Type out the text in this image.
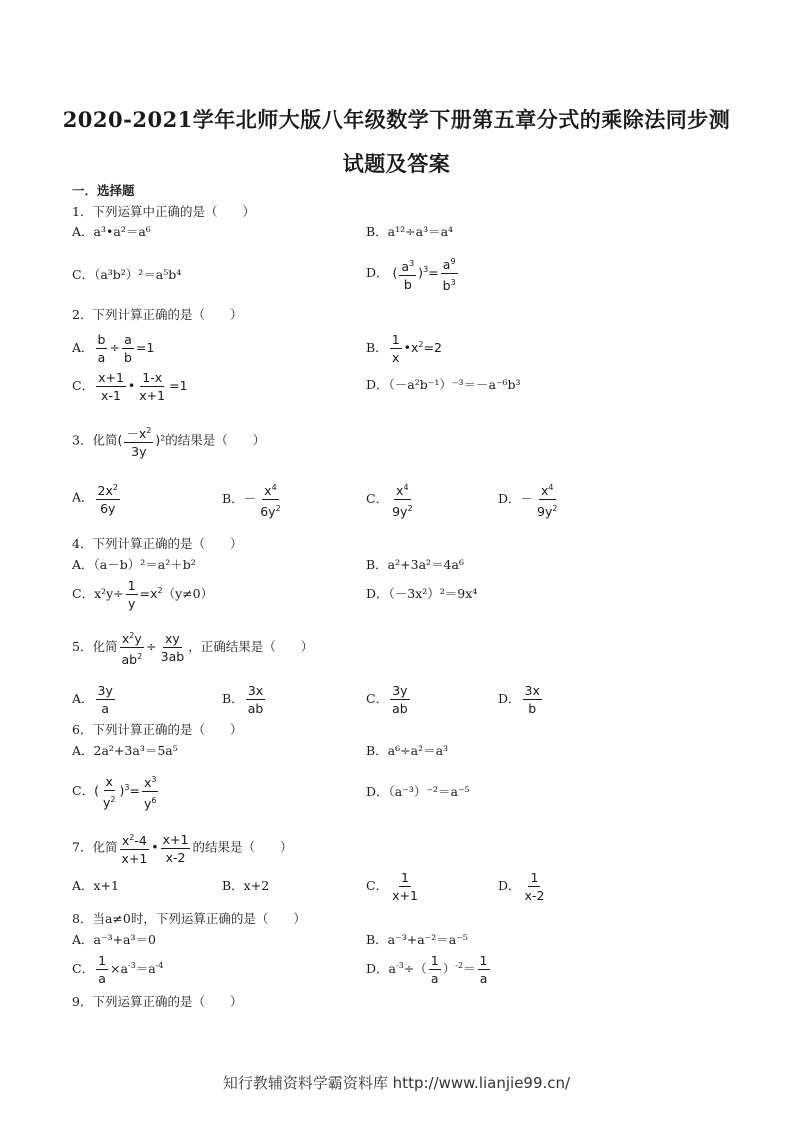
2020-2021学年北师大版八年级数学下册第五章分式的乘除法同步测
试题及答案
一．选择题
1．下列运算中正确的是（　　）
A．a³•a²＝a⁶	B．a¹²÷a³＝a⁴
C．（a³b²）²＝a⁵b⁴	D． ( $\frac{a^3}{b} )^3= \frac{a^9}{b^3}$
2．下列计算正确的是（　　）
A． $\frac{b}{a} \div \frac{a}{b} =1$	B． $\frac{1}{x}$ $•x^2=2$
C． $\frac{x+1}{x-1}$ • $\frac{1-x}{x+1} =1$	D．（－a²b⁻¹）⁻³＝－a⁻⁶b³
3．化简( $\frac{-x^2}{3y} )^2$的结果是（　　）
A． $\frac{2x^2}{6y}$	B．－ $\frac{x^4}{6y^2}$	C． $\frac{x^4}{9y^2}$	D．－ $\frac{x^4}{9y^2}$
4．下列计算正确的是（　　）
A．（a－b）²＝a²＋b²	B．a²+3a²＝4a⁶
C．$x^2y\div \frac{1}{y} =x^2(y\ne 0)$	D．（－3x²）²＝9x⁴
5．化简 $\frac{x^2y}{ab^2} \div \frac{xy}{3ab}$ ，正确结果是（　　）
A． $\frac{3y}{a}$	B． $\frac{3x}{ab}$	C． $\frac{3y}{ab}$	D． $\frac{3x}{b}$
6．下列计算正确的是（　　）
A．2a²+3a³＝5a⁵	B．a⁶÷a²＝a³
C．( $\frac{x}{y^2} )^3= \frac{x^3}{y^6}$	D．（a⁻³）⁻²＝a⁻⁵
7．化简 $\frac{x^2-4}{x+1}$ • $\frac{x+1}{x-2}$ 的结果是（　　）
A．x+1	B．x+2	C． $\frac{1}{x+1}$	D． $\frac{1}{x-2}$
8．当a≠0时，下列运算正确的是（　　）
A．a⁻³+a³＝0	B．a⁻³+a⁻²＝a⁻⁵
C． $\frac{1}{a} \times a^{-3}=a^{-4}$	D．$a^{-3}\div( \frac{1}{a} )^{-2}= \frac{1}{a}$
9．下列运算正确的是（　　）
知行教辅资料学霸资料库 http://www.lianjie99.cn/
